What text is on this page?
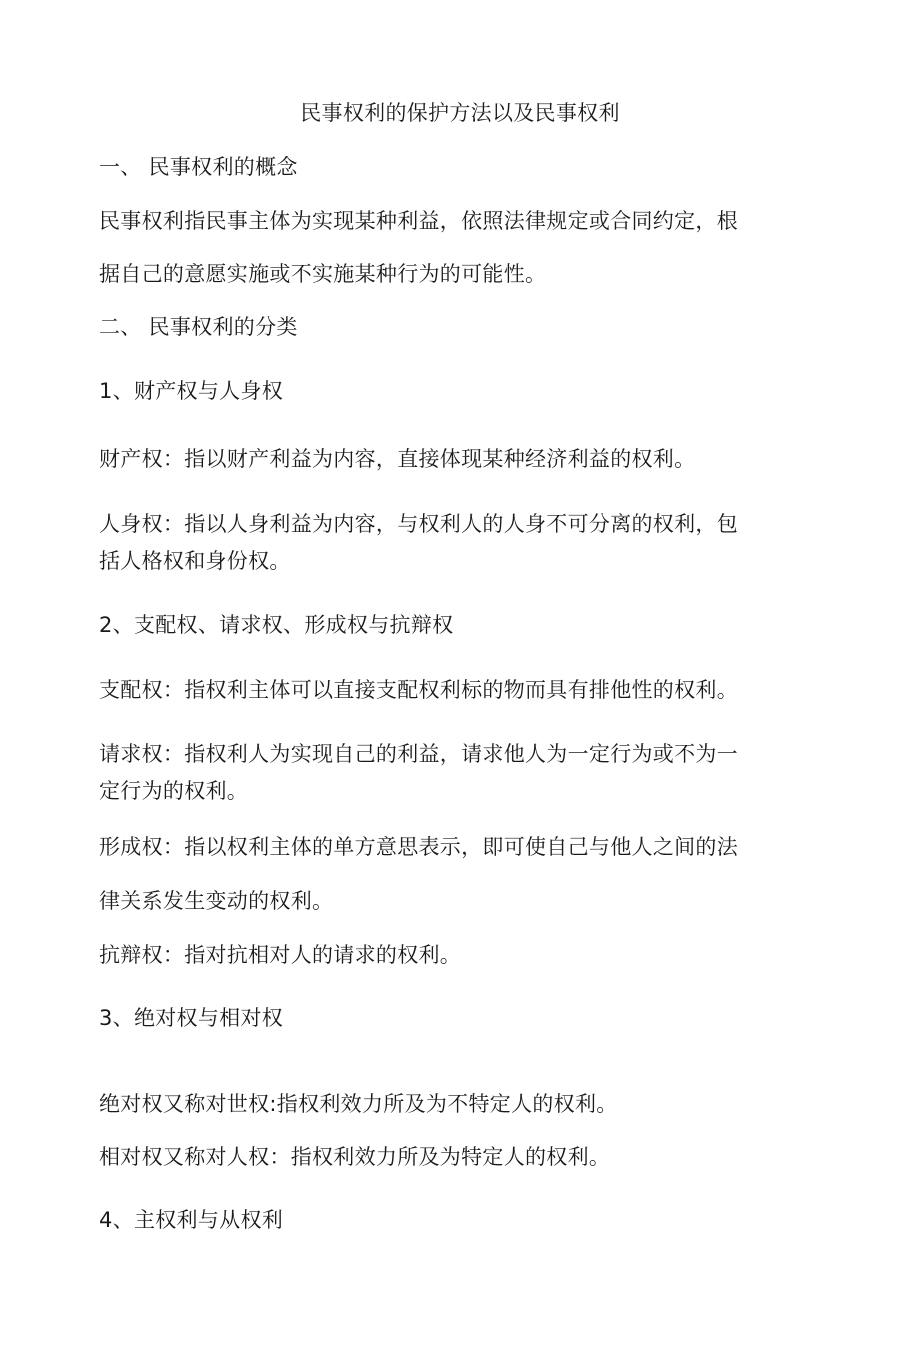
民事权利的保护方法以及民事权利
一、 民事权利的概念
民事权利指民事主体为实现某种利益，依照法律规定或合同约定，根
据自己的意愿实施或不实施某种行为的可能性。
二、 民事权利的分类
1、财产权与人身权
财产权：指以财产利益为内容，直接体现某种经济利益的权利。
人身权：指以人身利益为内容，与权利人的人身不可分离的权利，包
括人格权和身份权。
2、支配权、请求权、形成权与抗辩权
支配权：指权利主体可以直接支配权利标的物而具有排他性的权利。
请求权：指权利人为实现自己的利益，请求他人为一定行为或不为一
定行为的权利。
形成权：指以权利主体的单方意思表示，即可使自己与他人之间的法
律关系发生变动的权利。
抗辩权：指对抗相对人的请求的权利。
3、绝对权与相对权
绝对权又称对世权:指权利效力所及为不特定人的权利。
相对权又称对人权：指权利效力所及为特定人的权利。
4、主权利与从权利
